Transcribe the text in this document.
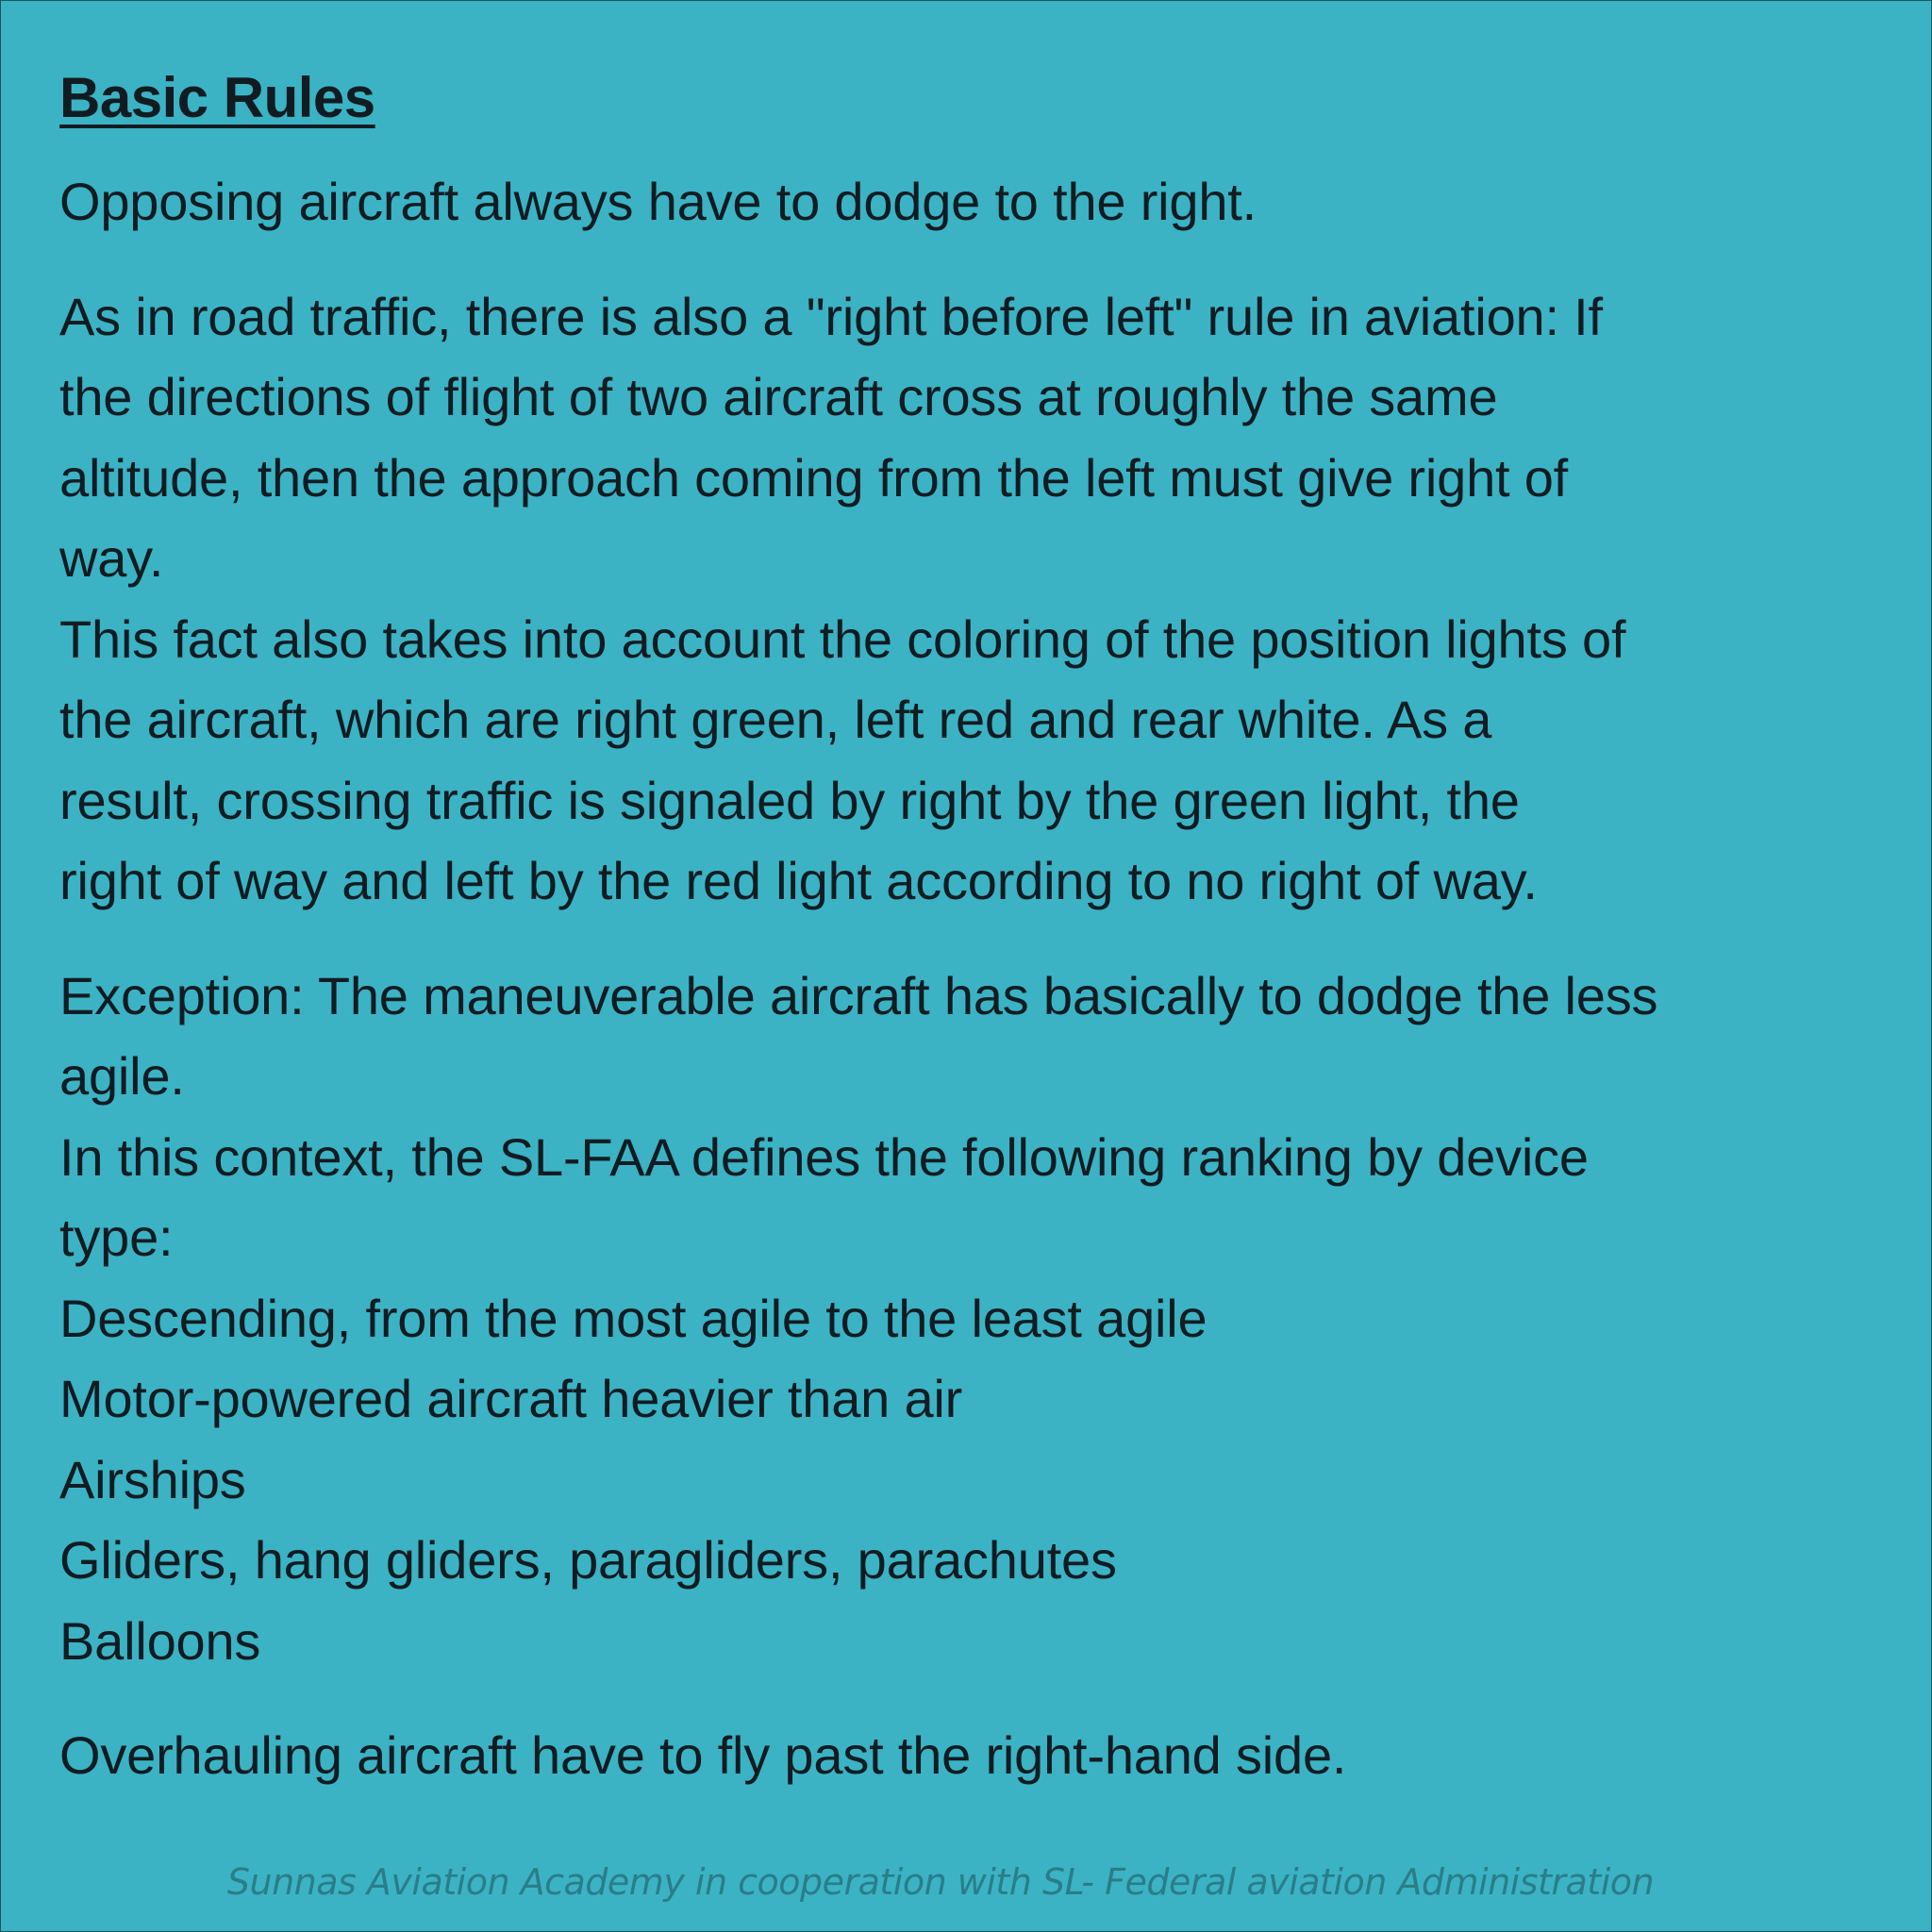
Basic Rules

Opposing aircraft always have to dodge to the right.

As in road traffic, there is also a "right before left" rule in aviation: If
the directions of flight of two aircraft cross at roughly the same
altitude, then the approach coming from the left must give right of
way.
This fact also takes into account the coloring of the position lights of
the aircraft, which are right green, left red and rear white. As a
result, crossing traffic is signaled by right by the green light, the
right of way and left by the red light according to no right of way.
Exception: The maneuverable aircraft has basically to dodge the less
agile.
In this context, the SL-FAA defines the following ranking by device
type:
Descending, from the most agile to the least agile
Motor-powered aircraft heavier than air
Airships
Gliders, hang gliders, paragliders, parachutes
Balloons

Overhauling aircraft have to fly past the right-hand side.

Sunnas Aviation Academy in cooperation with SL- Federal aviation Administration
